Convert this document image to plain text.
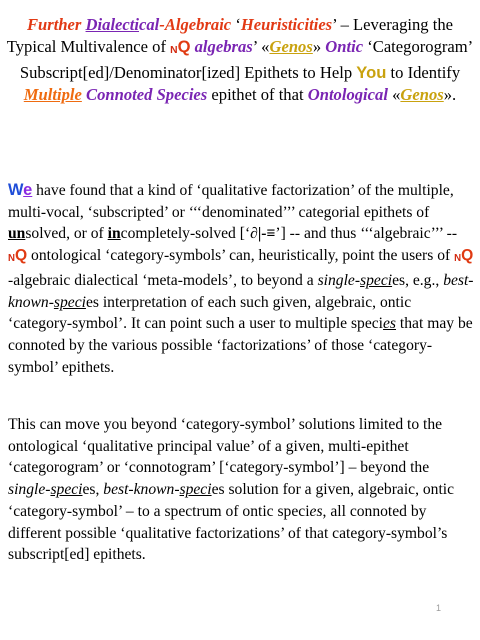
Further Dialectical-Algebraic ‘Heuristicities’ – Leveraging the Typical Multivalence of NQ algebras’ «Genos» Ontic ‘Categorogram’ Subscript[ed]/Denominator[ized] Epithets to Help You to Identify Multiple Connoted Species epithet of that Ontological «Genos».
We have found that a kind of ‘qualitative factorization’ of the multiple, multi-vocal, ‘subscripted’ or ‘‘‘denominated’’’ categorial epithets of unsolved, or of incompletely-solved [‘∂|-≡’] -- and thus ‘‘‘algebraic’’’ -- NQ ontological ‘category-symbols’ can, heuristically, point the users of NQ-algebraic dialectical ‘meta-models’, to beyond a single-species, e.g., best-known-species interpretation of each such given, algebraic, ontic ‘category-symbol’. It can point such a user to multiple species that may be connoted by the various possible ‘factorizations’ of those ‘category-symbol’ epithets.
This can move you beyond ‘category-symbol’ solutions limited to the ontological ‘qualitative principal value’ of a given, multi-epithet ‘categorogram’ or ‘connotogram’ [‘category-symbol’] – beyond the single-species, best-known-species solution for a given, algebraic, ontic ‘category-symbol’ – to a spectrum of ontic species, all connoted by different possible ‘qualitative factorizations’ of that category-symbol’s subscript[ed] epithets.
1
